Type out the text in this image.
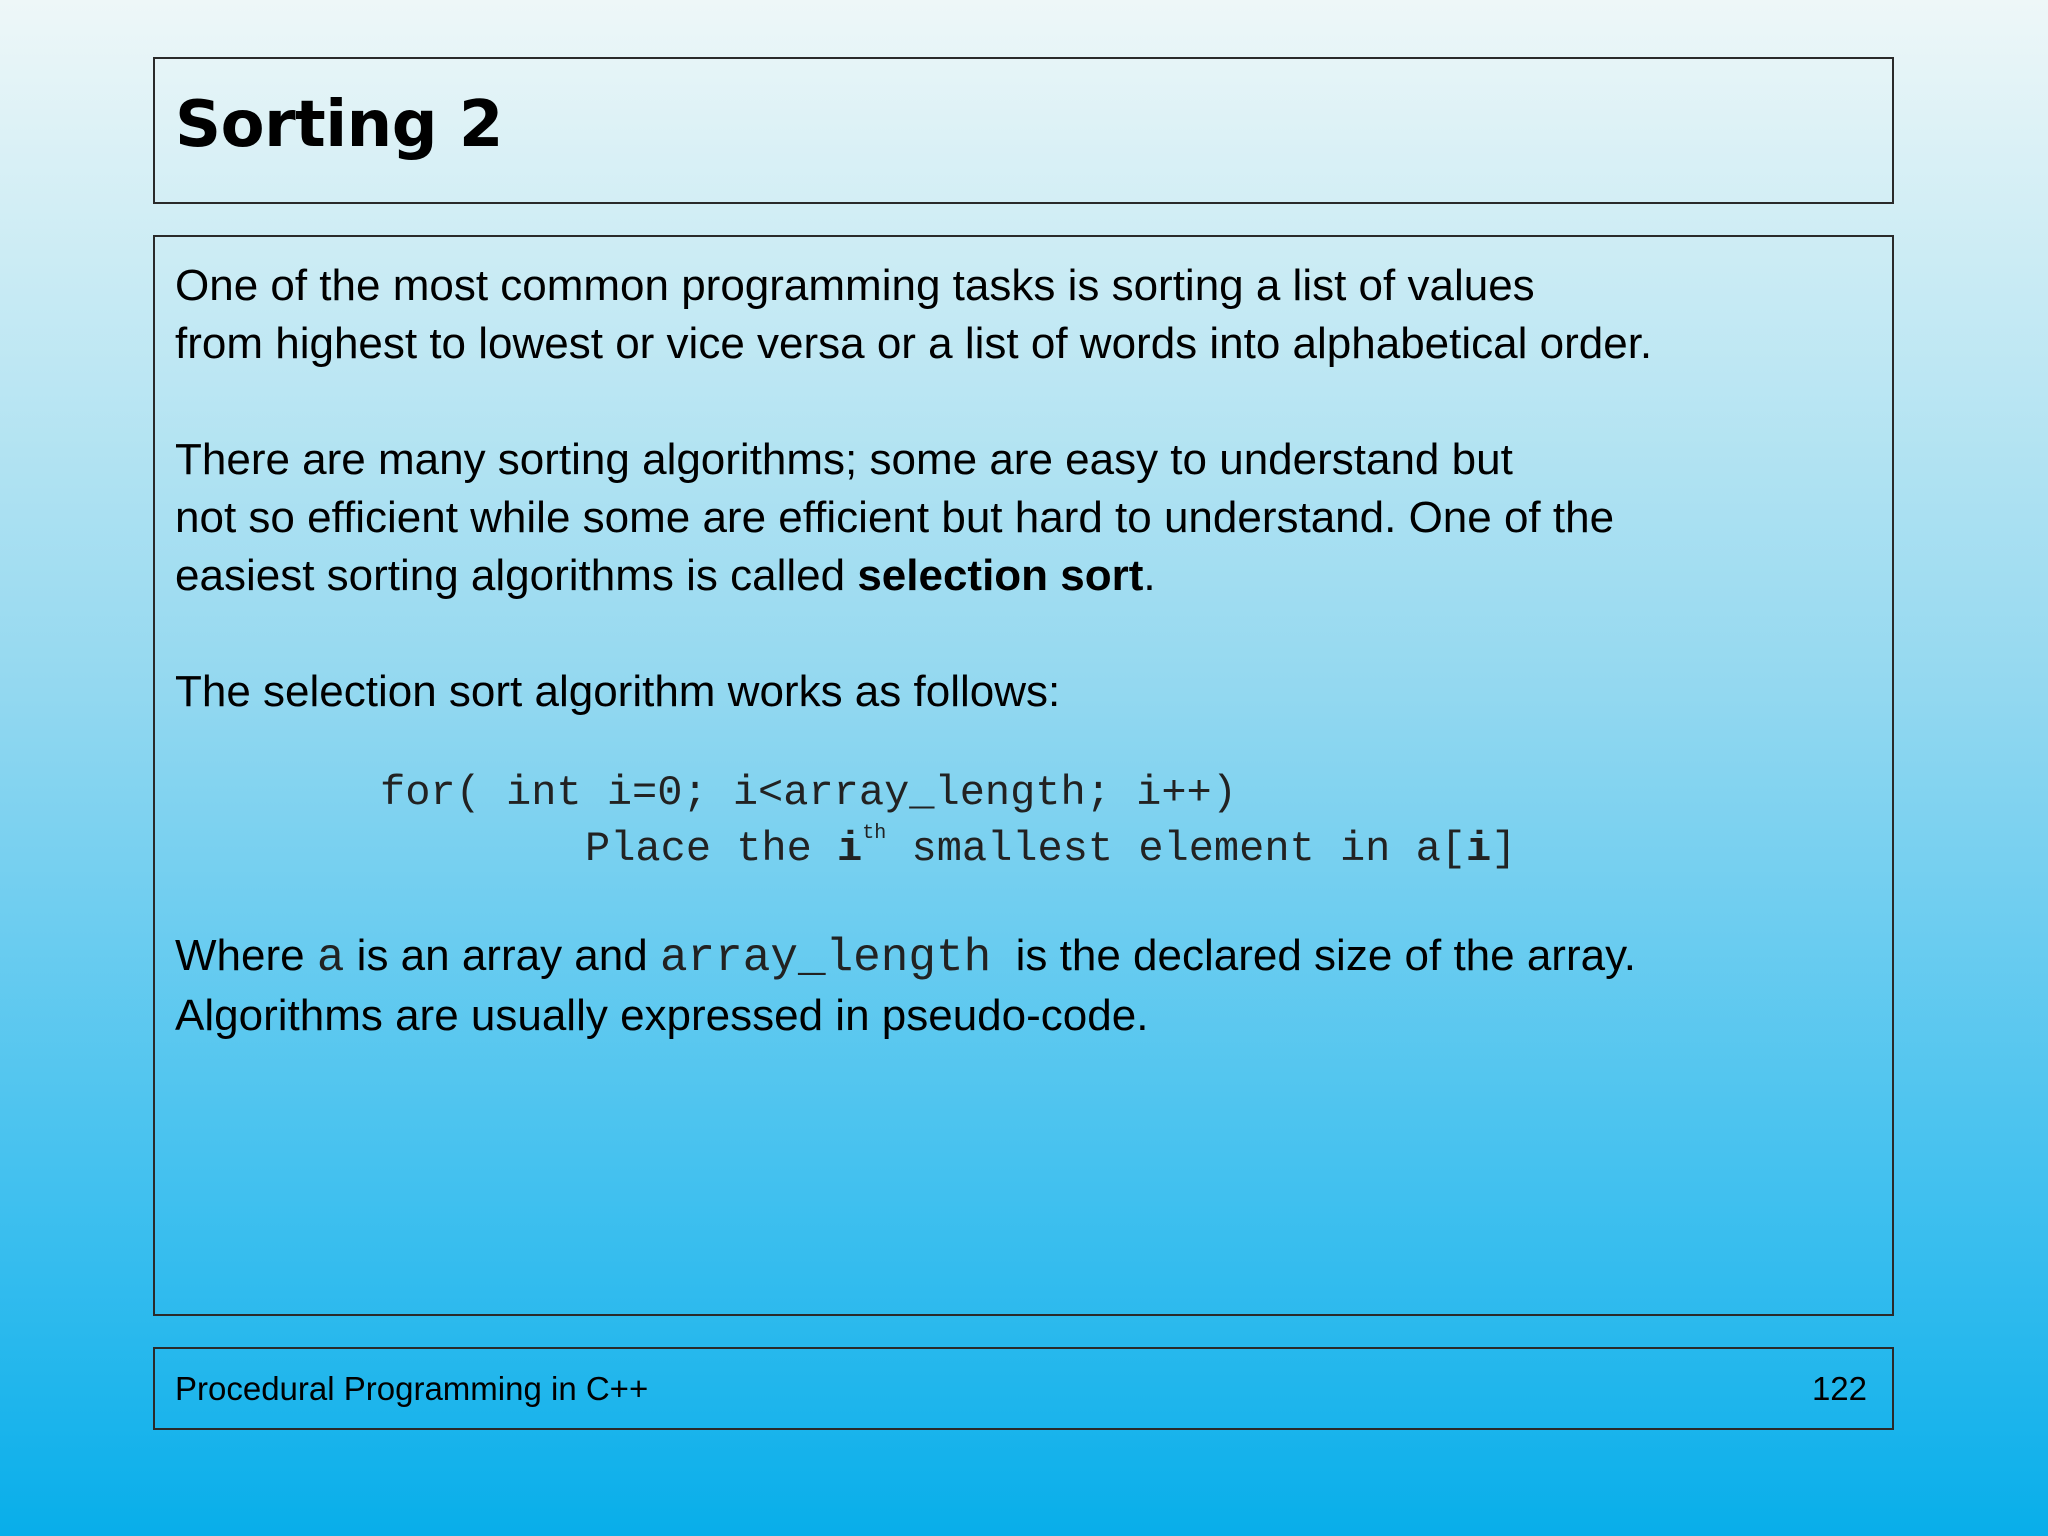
Sorting 2

One of the most common programming tasks is sorting a list of values
from highest to lowest or vice versa or a list of words into alphabetical order.

There are many sorting algorithms; some are easy to understand but
not so efficient while some are efficient but hard to understand. One of the
easiest sorting algorithms is called selection sort.

The selection sort algorithm works as follows:

for( int i=0; i<array_length; i++)
Place the $i^{th}$ smallest element in a[i]

Where a is an array and array_length  is the declared size of the array.
Algorithms are usually expressed in pseudo-code.

Procedural Programming in C++	122
